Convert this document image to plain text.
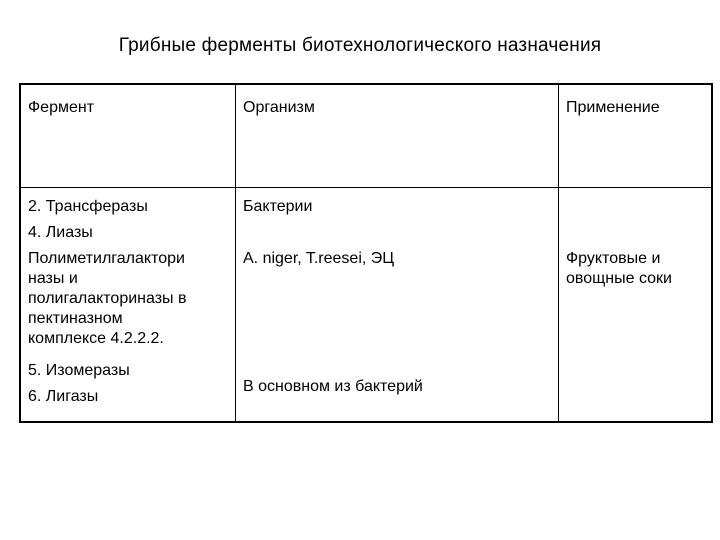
Грибные ферменты биотехнологического назначения
Фермент	Организм	Применение
2. Трансферазы
4. Лиазы
Полиметилгалактори
назы и
полигалакториназы в
пектиназном
комплексе 4.2.2.2.
5. Изомеразы
6. Лигазы
Бактерии
A. niger, T.reesei, ЭЦ
В основном из бактерий
Фруктовые и
овощные соки
